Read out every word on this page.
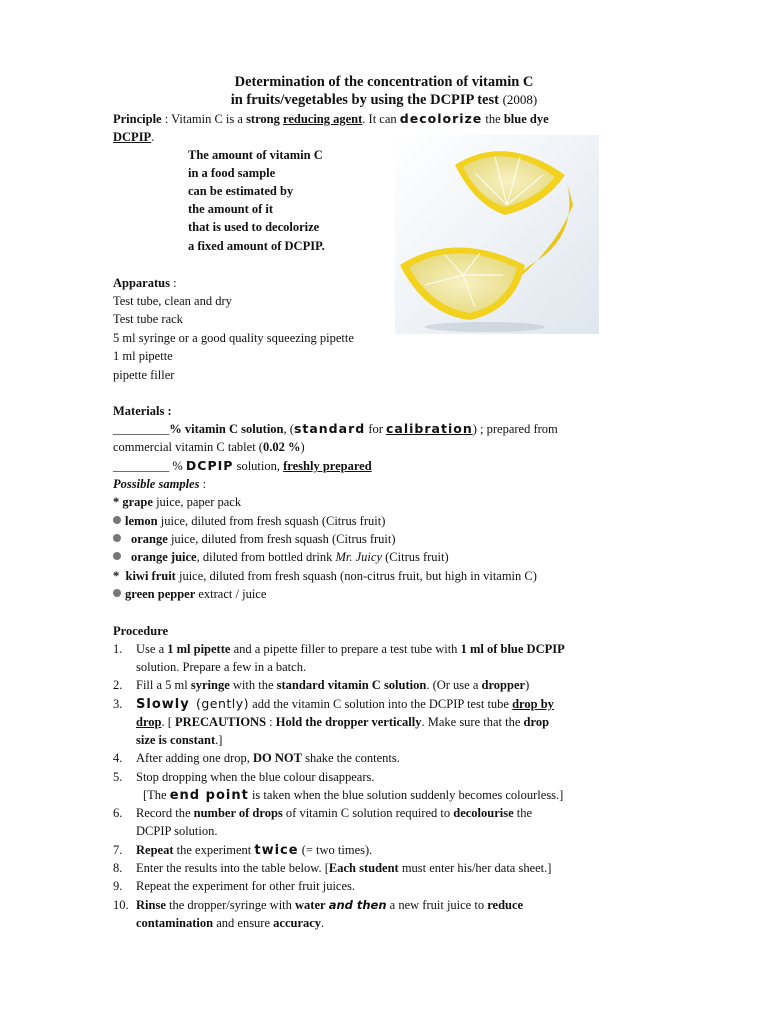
Determination of the concentration of vitamin C
in fruits/vegetables by using the DCPIP test (2008)
Principle : Vitamin C is a strong reducing agent. It can decolorize the blue dye
DCPIP.
The amount of vitamin C
in a food sample
can be estimated by
the amount of it
that is used to decolorize
a fixed amount of DCPIP.
Apparatus :
Test tube, clean and dry
Test tube rack
5 ml syringe or a good quality squeezing pipette
1 ml pipette
pipette filler
Materials :
_________% vitamin C solution, (standard for calibration) ; prepared from
commercial vitamin C tablet (0.02 %)
_________ % DCPIP solution, freshly prepared
Possible samples :
* grape juice, paper pack
lemon juice, diluted from fresh squash (Citrus fruit)
orange juice, diluted from fresh squash (Citrus fruit)
orange juice, diluted from bottled drink Mr. Juicy (Citrus fruit)
* kiwi fruit juice, diluted from fresh squash (non-citrus fruit, but high in vitamin C)
green pepper extract / juice
Procedure
1. Use a 1 ml pipette and a pipette filler to prepare a test tube with 1 ml of blue DCPIP
solution. Prepare a few in a batch.
2. Fill a 5 ml syringe with the standard vitamin C solution. (Or use a dropper)
3. Slowly (gently) add the vitamin C solution into the DCPIP test tube drop by
drop. [ PRECAUTIONS : Hold the dropper vertically. Make sure that the drop
size is constant.]
4. After adding one drop, DO NOT shake the contents.
5. Stop dropping when the blue colour disappears.
[The end point is taken when the blue solution suddenly becomes colourless.]
6. Record the number of drops of vitamin C solution required to decolourise the
DCPIP solution.
7. Repeat the experiment twice (= two times).
8. Enter the results into the table below. [Each student must enter his/her data sheet.]
9. Repeat the experiment for other fruit juices.
10. Rinse the dropper/syringe with water and then a new fruit juice to reduce
contamination and ensure accuracy.
